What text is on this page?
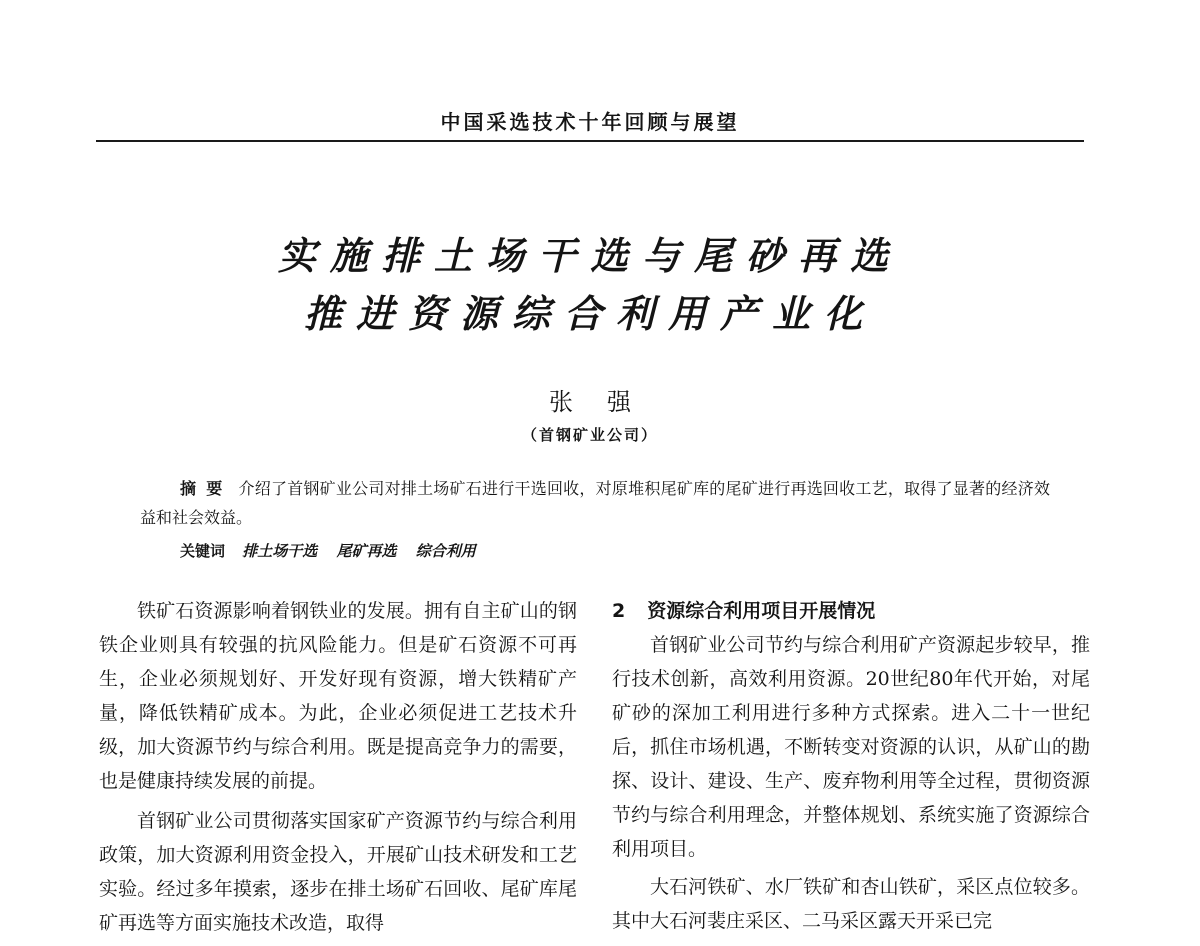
中国采选技术十年回顾与展望
实施排土场干选与尾砂再选
推进资源综合利用产业化
张强
（首钢矿业公司）
摘要 介绍了首钢矿业公司对排土场矿石进行干选回收，对原堆积尾矿库的尾矿进行再选回收工艺，取得了显著的经济效益和社会效益。
关键词 排土场干选 尾矿再选 综合利用

铁矿石资源影响着钢铁业的发展。拥有自主矿山的钢铁企业则具有较强的抗风险能力。但是矿石资源不可再生，企业必须规划好、开发好现有资源，增大铁精矿产量，降低铁精矿成本。为此，企业必须促进工艺技术升级，加大资源节约与综合利用。既是提高竞争力的需要，也是健康持续发展的前提。

首钢矿业公司贯彻落实国家矿产资源节约与综合利用政策，加大资源利用资金投入，开展矿山技术研发和工艺实验。经过多年摸索，逐步在排土场矿石回收、尾矿库尾矿再选等方面实施技术改造，取得

2 资源综合利用项目开展情况

首钢矿业公司节约与综合利用矿产资源起步较早，推行技术创新，高效利用资源。20世纪80年代开始，对尾矿砂的深加工利用进行多种方式探索。进入二十一世纪后，抓住市场机遇，不断转变对资源的认识，从矿山的勘探、设计、建设、生产、废弃物利用等全过程，贯彻资源节约与综合利用理念，并整体规划、系统实施了资源综合利用项目。

大石河铁矿、水厂铁矿和杏山铁矿，采区点位较多。其中大石河裴庄采区、二马采区露天开采已完
